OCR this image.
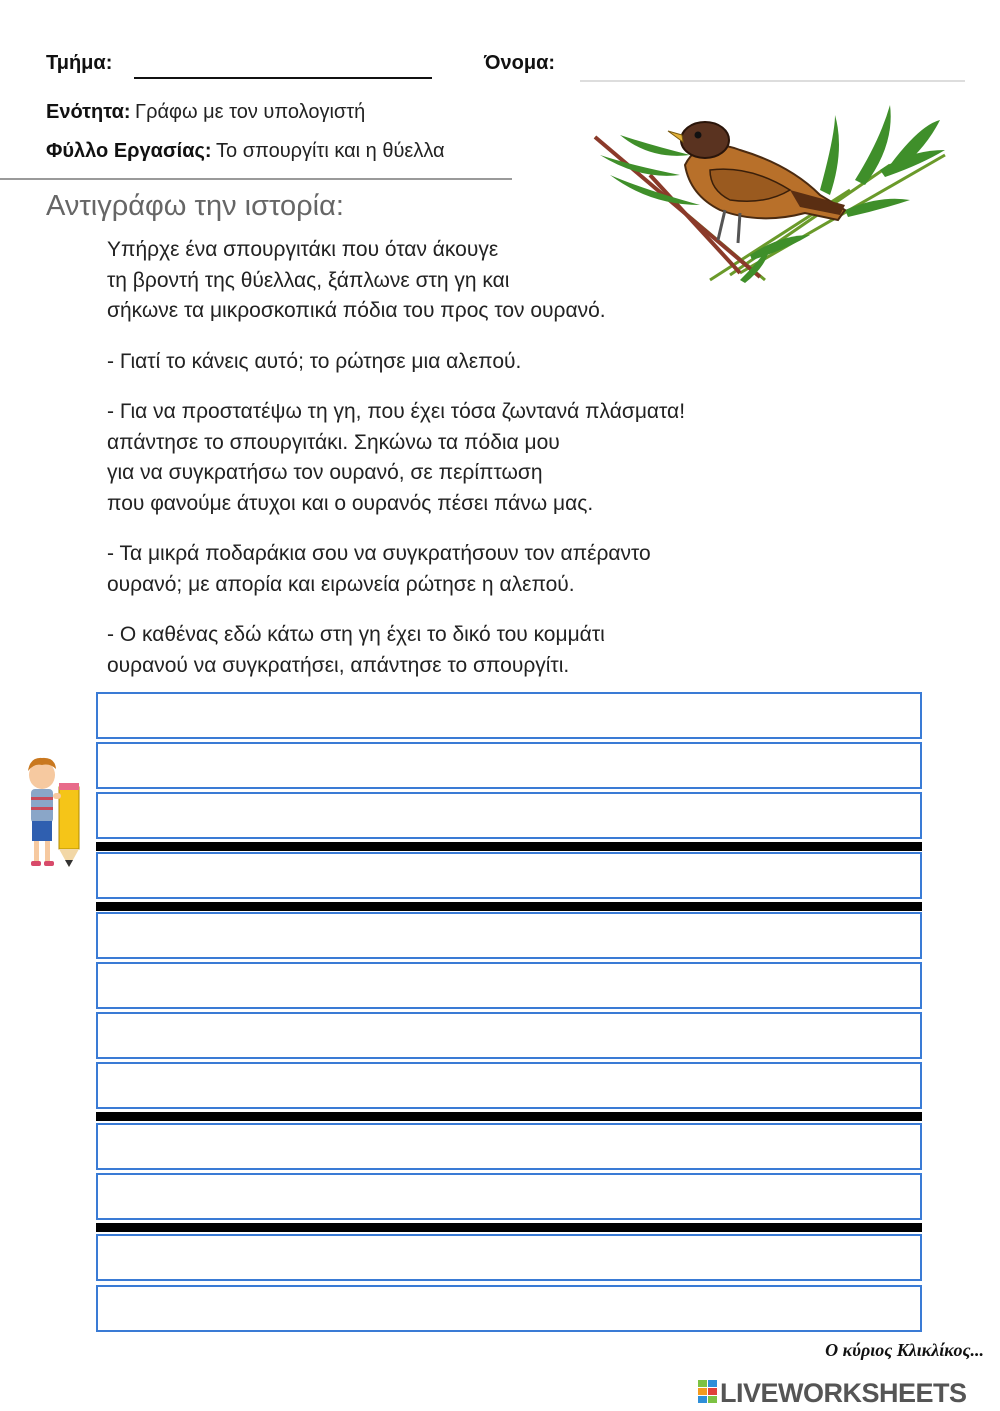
Τμήμα:	Όνομα:
Ενότητα: Γράφω με τον υπολογιστή
Φύλλο Εργασίας: Το σπουργίτι και η θύελλα
Αντιγράφω την ιστορία:

Υπήρχε ένα σπουργιτάκι που όταν άκουγε
τη βροντή της θύελλας, ξάπλωνε στη γη και
σήκωνε τα μικροσκοπικά πόδια του προς τον ουρανό.

- Γιατί το κάνεις αυτό; το ρώτησε μια αλεπού.

- Για να προστατέψω τη γη, που έχει τόσα ζωντανά πλάσματα!
απάντησε το σπουργιτάκι. Σηκώνω τα πόδια μου
για να συγκρατήσω τον ουρανό, σε περίπτωση
που φανούμε άτυχοι και ο ουρανός πέσει πάνω μας.

- Τα μικρά ποδαράκια σου να συγκρατήσουν τον απέραντο
ουρανό; με απορία και ειρωνεία ρώτησε η αλεπού.

- Ο καθένας εδώ κάτω στη γη έχει το δικό του κομμάτι
ουρανού να συγκρατήσει, απάντησε το σπουργίτι.

Ο κύριος Κλικλίκος...
LIVEWORKSHEETS
